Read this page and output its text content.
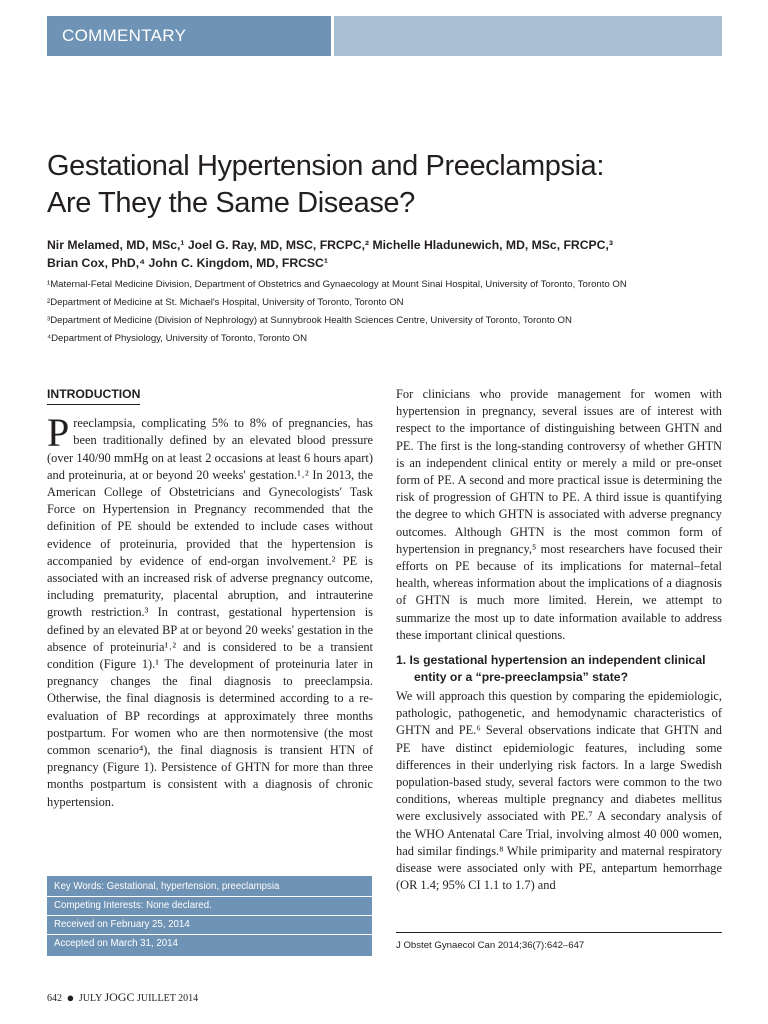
COMMENTARY
Gestational Hypertension and Preeclampsia:
Are They the Same Disease?
Nir Melamed, MD, MSc,¹ Joel G. Ray, MD, MSC, FRCPC,² Michelle Hladunewich, MD, MSc, FRCPC,³
Brian Cox, PhD,⁴ John C. Kingdom, MD, FRCSC¹
¹Maternal-Fetal Medicine Division, Department of Obstetrics and Gynaecology at Mount Sinai Hospital, University of Toronto, Toronto ON
²Department of Medicine at St. Michael's Hospital, University of Toronto, Toronto ON
³Department of Medicine (Division of Nephrology) at Sunnybrook Health Sciences Centre, University of Toronto, Toronto ON
⁴Department of Physiology, University of Toronto, Toronto ON
INTRODUCTION

Preeclampsia, complicating 5% to 8% of pregnancies, has been traditionally defined by an elevated blood pressure (over 140/90 mmHg on at least 2 occasions at least 6 hours apart) and proteinuria, at or beyond 20 weeks' gestation.¹˒² In 2013, the American College of Obstetricians and Gynecologists' Task Force on Hypertension in Pregnancy recommended that the definition of PE should be extended to include cases without evidence of proteinuria, provided that the hypertension is accompanied by evidence of end-organ involvement.² PE is associated with an increased risk of adverse pregnancy outcome, including prematurity, placental abruption, and intrauterine growth restriction.³ In contrast, gestational hypertension is defined by an elevated BP at or beyond 20 weeks' gestation in the absence of proteinuria¹˒² and is considered to be a transient condition (Figure 1).¹ The development of proteinuria later in pregnancy changes the final diagnosis to preeclampsia. Otherwise, the final diagnosis is determined according to a re-evaluation of BP recordings at approximately three months postpartum. For women who are then normotensive (the most common scenario⁴), the final diagnosis is transient HTN of pregnancy (Figure 1). Persistence of GHTN for more than three months postpartum is consistent with a diagnosis of chronic hypertension.

For clinicians who provide management for women with hypertension in pregnancy, several issues are of interest with respect to the importance of distinguishing between GHTN and PE. The first is the long-standing controversy of whether GHTN is an independent clinical entity or merely a mild or pre-onset form of PE. A second and more practical issue is determining the risk of progression of GHTN to PE. A third issue is quantifying the degree to which GHTN is associated with adverse pregnancy outcomes. Although GHTN is the most common form of hypertension in pregnancy,⁵ most researchers have focused their efforts on PE because of its implications for maternal–fetal health, whereas information about the implications of a diagnosis of GHTN is much more limited. Herein, we attempt to summarize the most up to date information available to address these important clinical questions.

1. Is gestational hypertension an independent clinical entity or a “pre-preeclampsia” state?

We will approach this question by comparing the epidemiologic, pathologic, pathogenetic, and hemodynamic characteristics of GHTN and PE.⁶ Several observations indicate that GHTN and PE have distinct epidemiologic features, including some differences in their underlying risk factors. In a large Swedish population-based study, several factors were common to the two conditions, whereas multiple pregnancy and diabetes mellitus were exclusively associated with PE.⁷ A secondary analysis of the WHO Antenatal Care Trial, involving almost 40 000 women, had similar findings.⁸ While primiparity and maternal respiratory disease were associated only with PE, antepartum hemorrhage (OR 1.4; 95% CI 1.1 to 1.7) and

Key Words: Gestational, hypertension, preeclampsia
Competing Interests: None declared.
Received on February 25, 2014
Accepted on March 31, 2014	J Obstet Gynaecol Can 2014;36(7):642–647
642 ● JULY JOGC JUILLET 2014
